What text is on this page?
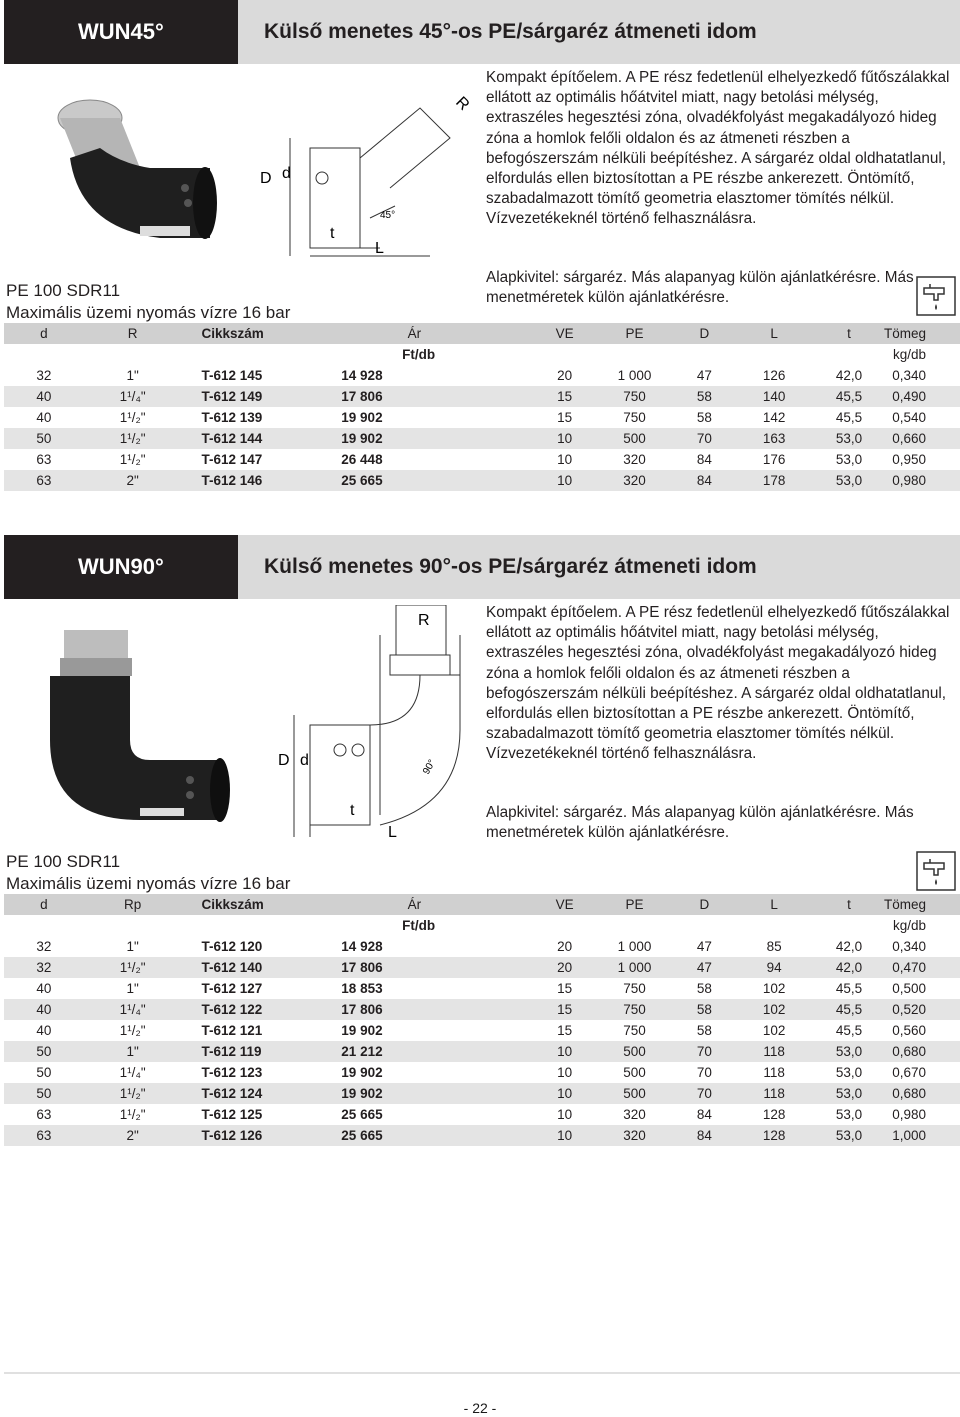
WUN45°	Külső menetes 45°-os PE/sárgaréz átmeneti idom
D d
t
L
R
45°

Kompakt építőelem. A PE rész fedetlenül elhelyezkedő fűtőszálakkal ellátott az optimális hőátvitel miatt, nagy betolási mélység, extraszéles hegesztési zóna, olvadékfolyást megakadályozó hideg zóna a homlok felőli oldalon és az átmeneti részben a befogószerszám nélküli beépítéshez. A sárgaréz oldal oldhatatlanul, elfordulás ellen biztosítottan a PE részbe ankerezett. Öntömítő, szabadalmazott tömítő geometria elasztomer tömítés nélkül. Vízvezetékeknél történő felhasználásra.

Alapkivitel: sárgaréz. Más alapanyag külön ajánlatkérésre. Más menetméretek külön ajánlatkérésre.

PE 100 SDR11
Maximális üzemi nyomás vízre 16 bar
d	R	Cikkszám	Ár		VE	PE	D	L	t	Tömeg
			Ft/db							kg/db
32	1"	T-612 145	14 928		20	1 000	47	126	42,0	0,340
40	1¹/₄"	T-612 149	17 806		15	750	58	140	45,5	0,490
40	1¹/₂"	T-612 139	19 902		15	750	58	142	45,5	0,540
50	1¹/₂"	T-612 144	19 902		10	500	70	163	53,0	0,660
63	1¹/₂"	T-612 147	26 448		10	320	84	176	53,0	0,950
63	2"	T-612 146	25 665		10	320	84	178	53,0	0,980
WUN90°	Külső menetes 90°-os PE/sárgaréz átmeneti idom
D d
t
L
R
90°

Kompakt építőelem. A PE rész fedetlenül elhelyezkedő fűtőszálakkal ellátott az optimális hőátvitel miatt, nagy betolási mélység, extraszéles hegesztési zóna, olvadékfolyást megakadályozó hideg zóna a homlok felőli oldalon és az átmeneti részben a befogószerszám nélküli beépítéshez. A sárgaréz oldal oldhatatlanul, elfordulás ellen biztosítottan a PE részbe ankerezett. Öntömítő, szabadalmazott tömítő geometria elasztomer tömítés nélkül. Vízvezetékeknél történő felhasználásra.

Alapkivitel: sárgaréz. Más alapanyag külön ajánlatkérésre. Más menetméretek külön ajánlatkérésre.

PE 100 SDR11
Maximális üzemi nyomás vízre 16 bar
d	Rp	Cikkszám	Ár		VE	PE	D	L	t	Tömeg
			Ft/db							kg/db
32	1"	T-612 120	14 928		20	1 000	47	85	42,0	0,340
32	1¹/₂"	T-612 140	17 806		20	1 000	47	94	42,0	0,470
40	1"	T-612 127	18 853		15	750	58	102	45,5	0,500
40	1¹/₄"	T-612 122	17 806		15	750	58	102	45,5	0,520
40	1¹/₂"	T-612 121	19 902		15	750	58	102	45,5	0,560
50	1"	T-612 119	21 212		10	500	70	118	53,0	0,680
50	1¹/₄"	T-612 123	19 902		10	500	70	118	53,0	0,670
50	1¹/₂"	T-612 124	19 902		10	500	70	118	53,0	0,680
63	1¹/₂"	T-612 125	25 665		10	320	84	128	53,0	0,980
63	2"	T-612 126	25 665		10	320	84	128	53,0	1,000
- 22 -
